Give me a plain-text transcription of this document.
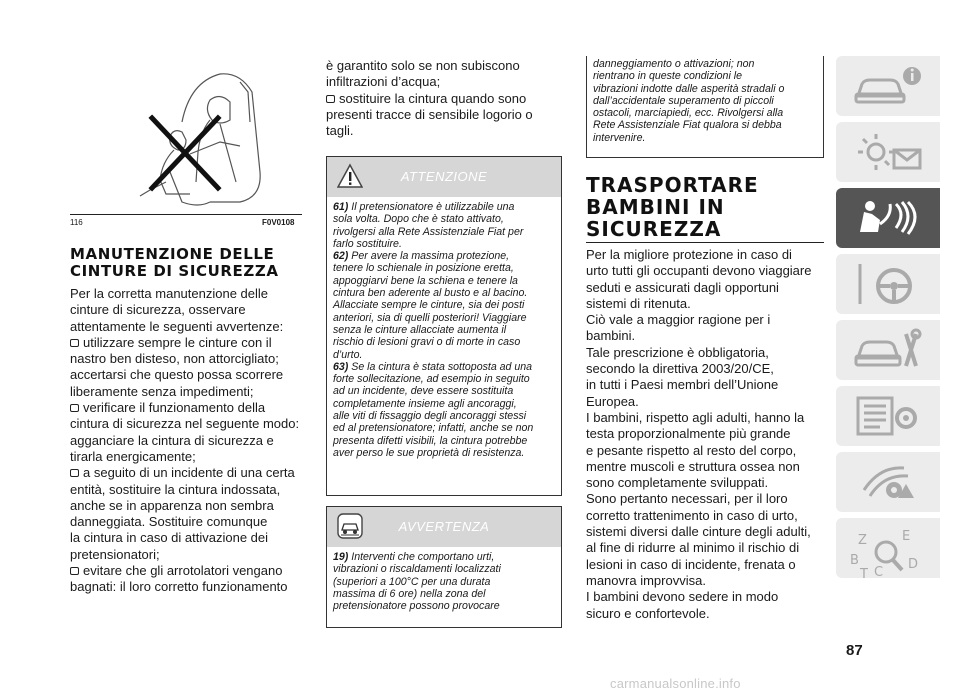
116	F0V0108
MANUTENZIONE DELLE
CINTURE DI SICUREZZA
Per la corretta manutenzione delle
cinture di sicurezza, osservare
attentamente le seguenti avvertenze:
utilizzare sempre le cinture con il
nastro ben disteso, non attorcigliato;
accertarsi che questo possa scorrere
liberamente senza impedimenti;
verificare il funzionamento della
cintura di sicurezza nel seguente modo:
agganciare la cintura di sicurezza e
tirarla energicamente;
a seguito di un incidente di una certa
entità, sostituire la cintura indossata,
anche se in apparenza non sembra
danneggiata. Sostituire comunque
la cintura in caso di attivazione dei
pretensionatori;
evitare che gli arrotolatori vengano
bagnati: il loro corretto funzionamento
è garantito solo se non subiscono
infiltrazioni d’acqua;
sostituire la cintura quando sono
presenti tracce di sensibile logorio o
tagli.
ATTENZIONE
61) Il pretensionatore è utilizzabile una
sola volta. Dopo che è stato attivato,
rivolgersi alla Rete Assistenziale Fiat per
farlo sostituire.
62) Per avere la massima protezione,
tenere lo schienale in posizione eretta,
appoggiarvi bene la schiena e tenere la
cintura ben aderente al busto e al bacino.
Allacciate sempre le cinture, sia dei posti
anteriori, sia di quelli posteriori! Viaggiare
senza le cinture allacciate aumenta il
rischio di lesioni gravi o di morte in caso
d’urto.
63) Se la cintura è stata sottoposta ad una
forte sollecitazione, ad esempio in seguito
ad un incidente, deve essere sostituita
completamente insieme agli ancoraggi,
alle viti di fissaggio degli ancoraggi stessi
ed al pretensionatore; infatti, anche se non
presenta difetti visibili, la cintura potrebbe
aver perso le sue proprietà di resistenza.
AVVERTENZA
19) Interventi che comportano urti,
vibrazioni o riscaldamenti localizzati
(superiori a 100°C per una durata
massima di 6 ore) nella zona del
pretensionatore possono provocare
danneggiamento o attivazioni; non
rientrano in queste condizioni le
vibrazioni indotte dalle asperità stradali o
dall’accidentale superamento di piccoli
ostacoli, marciapiedi, ecc. Rivolgersi alla
Rete Assistenziale Fiat qualora si debba
intervenire.
TRASPORTARE
BAMBINI IN
SICUREZZA
Per la migliore protezione in caso di
urto tutti gli occupanti devono viaggiare
seduti e assicurati dagli opportuni
sistemi di ritenuta.
Ciò vale a maggior ragione per i
bambini.
Tale prescrizione è obbligatoria,
secondo la direttiva 2003/20/CE,
in tutti i Paesi membri dell’Unione
Europea.
I bambini, rispetto agli adulti, hanno la
testa proporzionalmente più grande
e pesante rispetto al resto del corpo,
mentre muscoli e struttura ossea non
sono completamente sviluppati.
Sono pertanto necessari, per il loro
corretto trattenimento in caso di urto,
sistemi diversi dalle cinture degli adulti,
al fine di ridurre al minimo il rischio di
lesioni in caso di incidente, frenata o
manovra improvvisa.
I bambini devono sedere in modo
sicuro e confortevole.
Z	E
B
C
D
T
87
carmanualsonline.info
